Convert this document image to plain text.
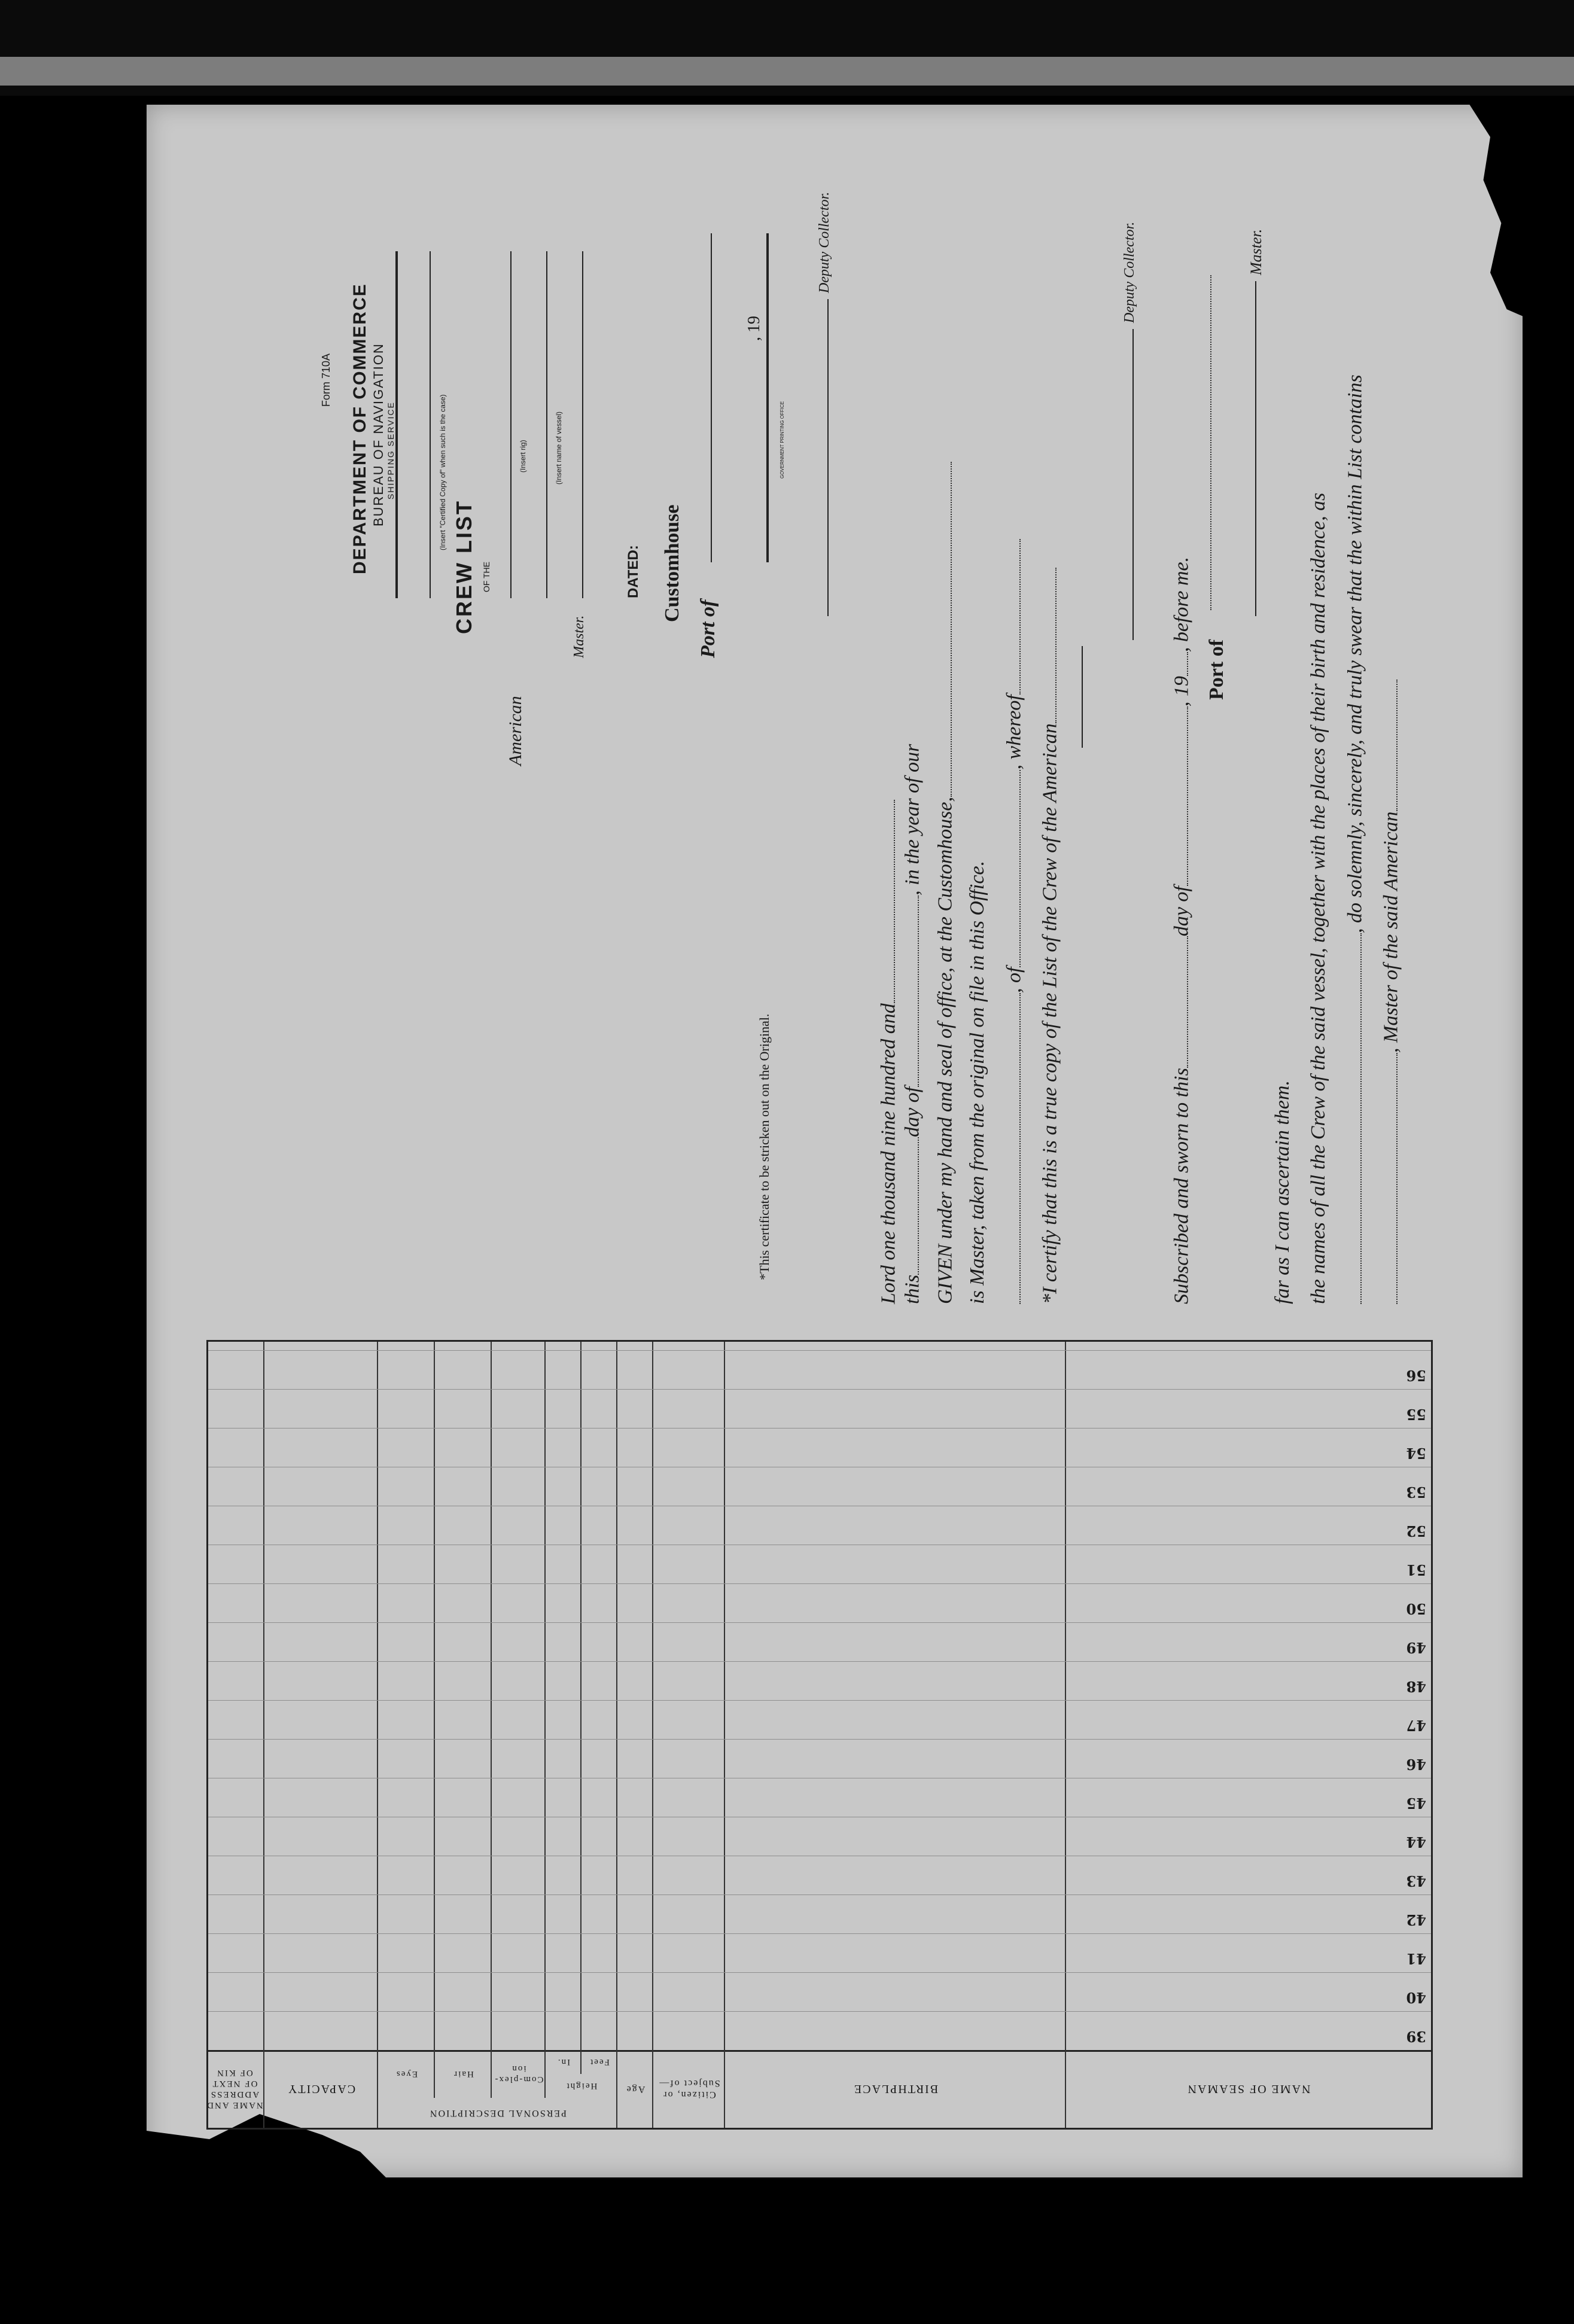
NAME OF SEAMAN
BIRTHPLACE
Citizen, or Subject of—
Age
PERSONAL DESCRIPTION
Height
Feet
In.
Com-plex-ion
Hair
Eyes
CAPACITY
NAME AND ADDRESS OF NEXT OF KIN
39
40
41
42
43
44
45
46
47
48
49
50
51
52
53
54
55
56
, Master of the said American
, do solemnly, sincerely, and truly swear that the within List contains
the names of all the Crew of the said vessel, together with the places of their birth and residence, as
far as I can ascertain them.
Master.
Port of
Subscribed and sworn to thisday of, 19, before me.
Deputy Collector.
*I certify that this is a true copy of the List of the Crew of the American
, of, whereof
is Master, taken from the original on file in this Office.
GIVEN under my hand and seal of office, at the Customhouse,
thisday of, in the year of our
Lord one thousand nine hundred and
Deputy Collector.
*This certificate to be stricken out on the Original.
Form 710A DEPARTMENT OF COMMERCE BUREAU OF NAVIGATION SHIPPING SERVICE	(Insert "Certified Copy of" when such is the case)
CREW LIST OF THE
American
(Insert rig)	(Insert name of vessel)
Master.
DATED: Customhouse
Port of
, 19
GOVERNMENT PRINTING OFFICE
